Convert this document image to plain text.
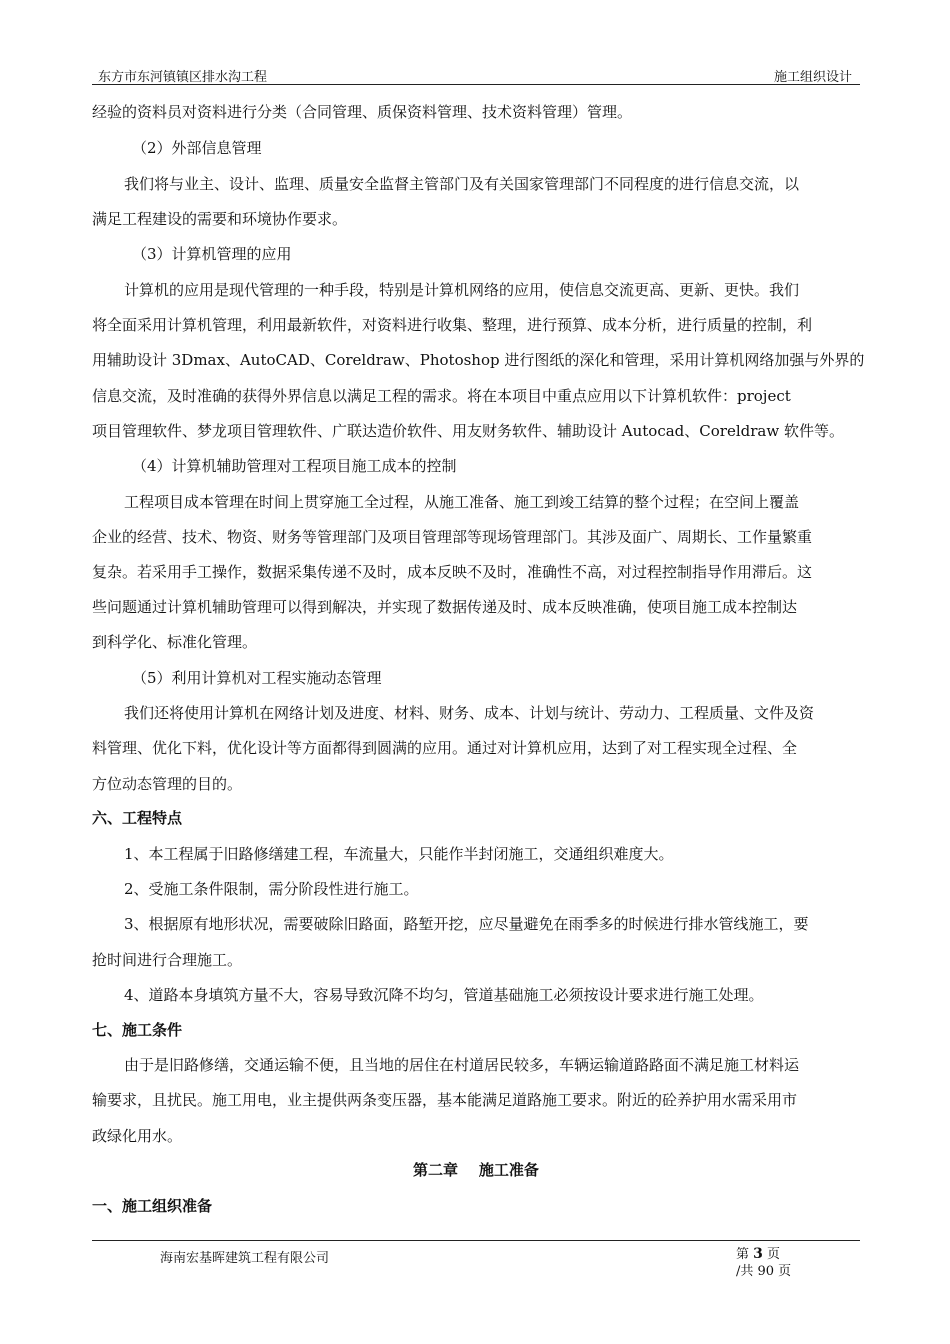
东方市东河镇镇区排水沟工程	施工组织设计
经验的资料员对资料进行分类（合同管理、质保资料管理、技术资料管理）管理。
（2）外部信息管理
我们将与业主、设计、监理、质量安全监督主管部门及有关国家管理部门不同程度的进行信息交流，以
满足工程建设的需要和环境协作要求。
（3）计算机管理的应用
计算机的应用是现代管理的一种手段，特别是计算机网络的应用，使信息交流更高、更新、更快。我们
将全面采用计算机管理，利用最新软件，对资料进行收集、整理，进行预算、成本分析，进行质量的控制，利
用辅助设计 3Dmax、AutoCAD、Coreldraw、Photoshop 进行图纸的深化和管理，采用计算机网络加强与外界的
信息交流，及时准确的获得外界信息以满足工程的需求。将在本项目中重点应用以下计算机软件：project
项目管理软件、梦龙项目管理软件、广联达造价软件、用友财务软件、辅助设计 Autocad、Coreldraw 软件等。
（4）计算机辅助管理对工程项目施工成本的控制
工程项目成本管理在时间上贯穿施工全过程，从施工准备、施工到竣工结算的整个过程；在空间上覆盖
企业的经营、技术、物资、财务等管理部门及项目管理部等现场管理部门。其涉及面广、周期长、工作量繁重
复杂。若采用手工操作，数据采集传递不及时，成本反映不及时，准确性不高，对过程控制指导作用滞后。这
些问题通过计算机辅助管理可以得到解决，并实现了数据传递及时、成本反映准确，使项目施工成本控制达
到科学化、标准化管理。
（5）利用计算机对工程实施动态管理
我们还将使用计算机在网络计划及进度、材料、财务、成本、计划与统计、劳动力、工程质量、文件及资
料管理、优化下料，优化设计等方面都得到圆满的应用。通过对计算机应用，达到了对工程实现全过程、全
方位动态管理的目的。
六、工程特点
1、本工程属于旧路修缮建工程，车流量大，只能作半封闭施工，交通组织难度大。
2、受施工条件限制，需分阶段性进行施工。
3、根据原有地形状况，需要破除旧路面，路堑开挖，应尽量避免在雨季多的时候进行排水管线施工，要
抢时间进行合理施工。
4、道路本身填筑方量不大，容易导致沉降不均匀，管道基础施工必须按设计要求进行施工处理。
七、施工条件
由于是旧路修缮，交通运输不便，且当地的居住在村道居民较多，车辆运输道路路面不满足施工材料运
输要求，且扰民。施工用电，业主提供两条变压器，基本能满足道路施工要求。附近的砼养护用水需采用市
政绿化用水。
第二章    施工准备
一、施工组织准备
海南宏基晖建筑工程有限公司	第 3 页
/共 90 页
